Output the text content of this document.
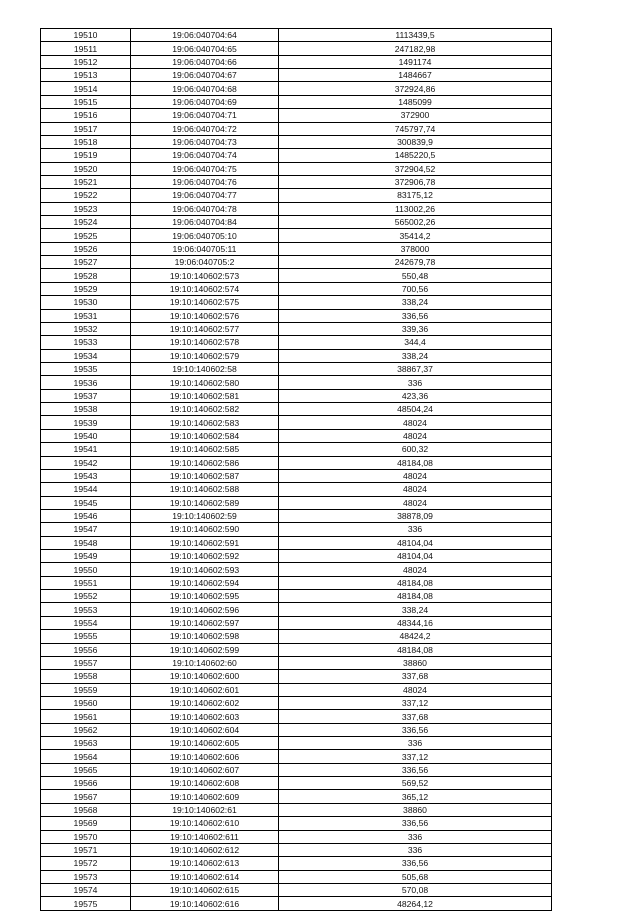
19510	19:06:040704:64	1113439,5
19511	19:06:040704:65	247182,98
19512	19:06:040704:66	1491174
19513	19:06:040704:67	1484667
19514	19:06:040704:68	372924,86
19515	19:06:040704:69	1485099
19516	19:06:040704:71	372900
19517	19:06:040704:72	745797,74
19518	19:06:040704:73	300839,9
19519	19:06:040704:74	1485220,5
19520	19:06:040704:75	372904,52
19521	19:06:040704:76	372906,78
19522	19:06:040704:77	83175,12
19523	19:06:040704:78	113002,26
19524	19:06:040704:84	565002,26
19525	19:06:040705:10	35414,2
19526	19:06:040705:11	378000
19527	19:06:040705:2	242679,78
19528	19:10:140602:573	550,48
19529	19:10:140602:574	700,56
19530	19:10:140602:575	338,24
19531	19:10:140602:576	336,56
19532	19:10:140602:577	339,36
19533	19:10:140602:578	344,4
19534	19:10:140602:579	338,24
19535	19:10:140602:58	38867,37
19536	19:10:140602:580	336
19537	19:10:140602:581	423,36
19538	19:10:140602:582	48504,24
19539	19:10:140602:583	48024
19540	19:10:140602:584	48024
19541	19:10:140602:585	600,32
19542	19:10:140602:586	48184,08
19543	19:10:140602:587	48024
19544	19:10:140602:588	48024
19545	19:10:140602:589	48024
19546	19:10:140602:59	38878,09
19547	19:10:140602:590	336
19548	19:10:140602:591	48104,04
19549	19:10:140602:592	48104,04
19550	19:10:140602:593	48024
19551	19:10:140602:594	48184,08
19552	19:10:140602:595	48184,08
19553	19:10:140602:596	338,24
19554	19:10:140602:597	48344,16
19555	19:10:140602:598	48424,2
19556	19:10:140602:599	48184,08
19557	19:10:140602:60	38860
19558	19:10:140602:600	337,68
19559	19:10:140602:601	48024
19560	19:10:140602:602	337,12
19561	19:10:140602:603	337,68
19562	19:10:140602:604	336,56
19563	19:10:140602:605	336
19564	19:10:140602:606	337,12
19565	19:10:140602:607	336,56
19566	19:10:140602:608	569,52
19567	19:10:140602:609	365,12
19568	19:10:140602:61	38860
19569	19:10:140602:610	336,56
19570	19:10:140602:611	336
19571	19:10:140602:612	336
19572	19:10:140602:613	336,56
19573	19:10:140602:614	505,68
19574	19:10:140602:615	570,08
19575	19:10:140602:616	48264,12
